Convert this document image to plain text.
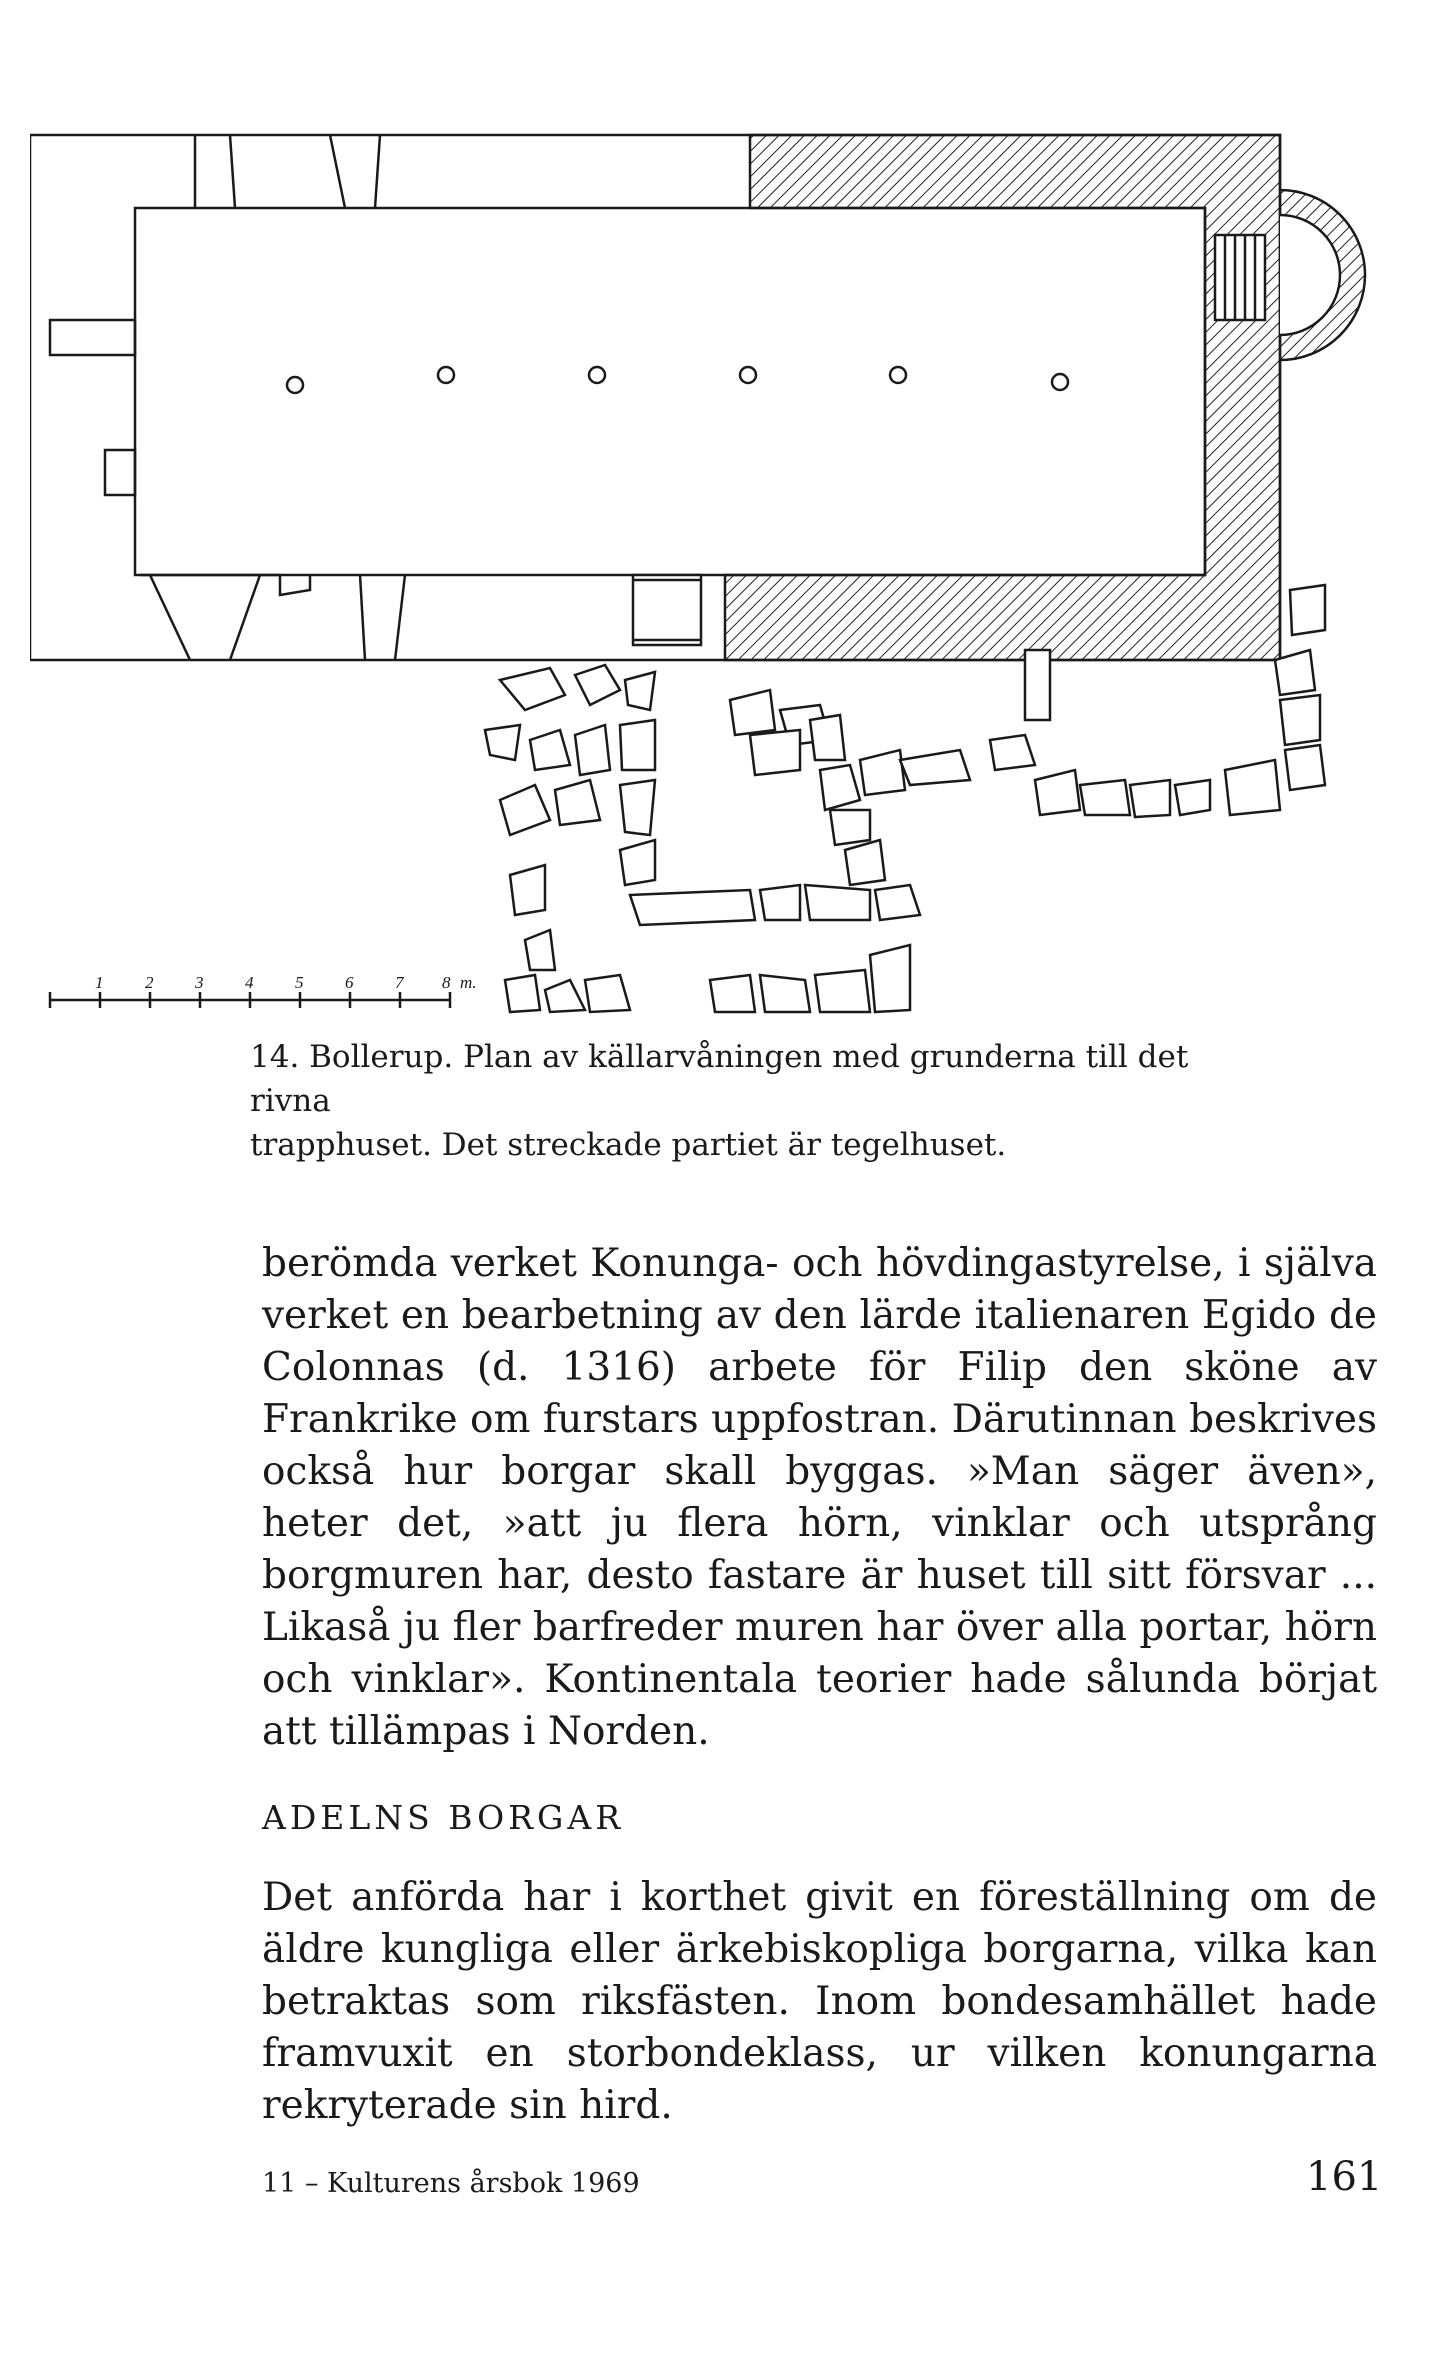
1 2 3 4 5 6 7 8 m.

14. Bollerup. Plan av källarvåningen med grunderna till det rivna
trapphuset. Det streckade partiet är tegelhuset.

berömda verket Konunga- och hövdingastyrelse, i själva verket en bearbetning av den lärde italienaren Egido de Colonnas (d. 1316) arbete för Filip den sköne av Frankrike om furstars uppfostran. Därutinnan beskrives också hur borgar skall byggas. »Man säger även», heter det, »att ju flera hörn, vinklar och utsprång borgmuren har, desto fastare är huset till sitt försvar ... Likaså ju fler barfreder muren har över alla portar, hörn och vinklar». Kontinentala teorier hade sålunda börjat att tillämpas i Norden.

ADELNS BORGAR

Det anförda har i korthet givit en föreställning om de äldre kungliga eller ärkebiskopliga borgarna, vilka kan betraktas som riksfästen. Inom bondesamhället hade framvuxit en storbondeklass, ur vilken konungarna rekryterade sin hird.

11 – Kulturens årsbok 1969	161
